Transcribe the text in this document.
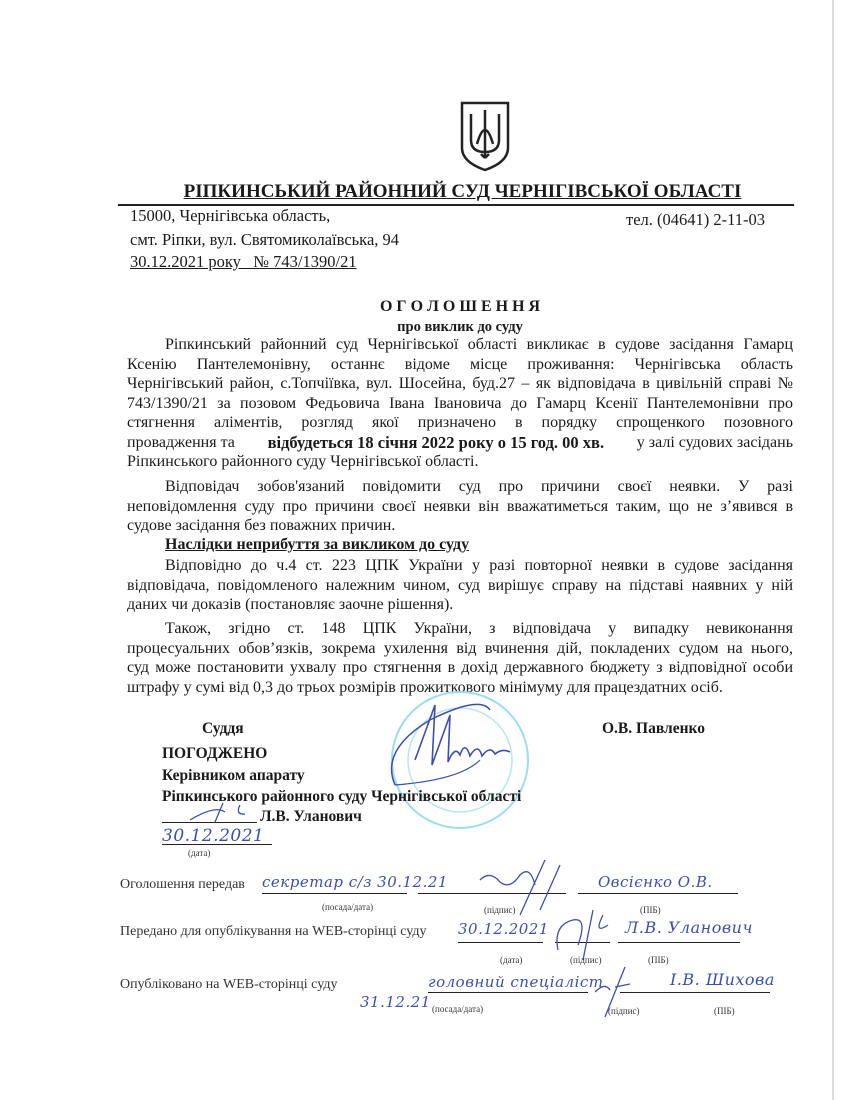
РІПКИНСЬКИЙ РАЙОННИЙ СУД ЧЕРНІГІВСЬКОЇ ОБЛАСТІ
15000, Чернігівська область,	тел. (04641) 2-11-03
смт. Ріпки, вул. Святомиколаївська, 94
30.12.2021 року   № 743/1390/21
О Г О Л О Ш Е Н Н Я
про виклик до суду
Ріпкинський районний суд Чернігівської області викликає в судове засідання Гамарц
Ксенію Пантелемонівну, останнє відоме місце проживання: Чернігівська область
Чернігівський район, с.Топчіївка, вул. Шосейна, буд.27 – як відповідача в цивільній справі №
743/1390/21 за позовом Федьовича Івана Івановича до Гамарц Ксенії Пантелемонівни про
стягнення аліментів, розгляд якої призначено в порядку спрощенкого позовного
провадження та відбудеться 18 січня 2022 року о 15 год. 00 хв. у залі судових засідань
Ріпкинського районного суду Чернігівської області.
Відповідач зобов'язаний повідомити суд про причини своєї неявки. У разі
неповідомлення суду про причини своєї неявки він вважатиметься таким, що не з’явився в
судове засідання без поважних причин.
Наслідки неприбуття за викликом до суду
Відповідно до ч.4 ст. 223 ЦПК України у разі повторної неявки в судове засідання
відповідача, повідомленого належним чином, суд вирішує справу на підставі наявних у ній
даних чи доказів (постановляє заочне рішення).
Також, згідно ст. 148 ЦПК України, з відповідача у випадку невиконання
процесуальних обов’язків, зокрема ухилення від вчинення дій, покладених судом на нього,
суд може постановити ухвалу про стягнення в дохід державного бюджету з відповідної особи
штрафу у сумі від 0,3 до трьох розмірів прожиткового мінімуму для працездатних осіб.
Суддя	О.В. Павленко
ПОГОДЖЕНО
Керівником апарату
Ріпкинського районного суду Чернігівської області
Л.В. Уланович
30.12.2021
(дата)
Оголошення передав секретар с/з 30.12.21	Овсієнко О.В.
(посада/дата)	(підпис)	(ПІБ)
Передано для опублікування на WEB-сторінці суду 30.12.2021	Л.В. Уланович
(дата)	(підпис)	(ПІБ)
Опубліковано на WEB-сторінці суду	головний спеціаліст	І.В. Шихова
31.12.21 (посада/дата)	(підпис)	(ПІБ)
